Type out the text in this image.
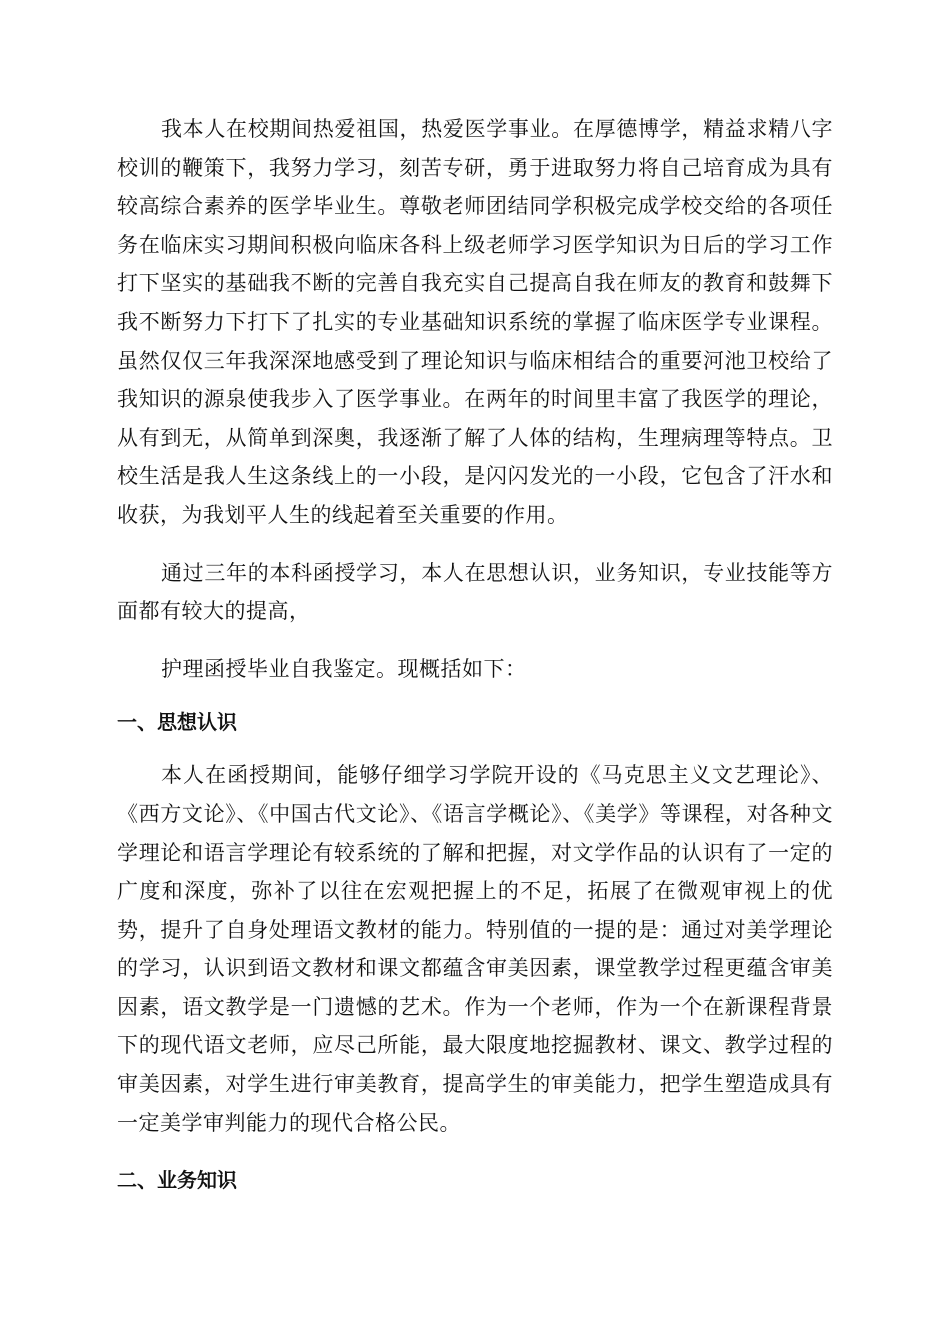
我本人在校期间热爱祖国，热爱医学事业。在厚德博学，精益求精八字校训的鞭策下，我努力学习，刻苦专研，勇于进取努力将自己培育成为具有较高综合素养的医学毕业生。尊敬老师团结同学积极完成学校交给的各项任务在临床实习期间积极向临床各科上级老师学习医学知识为日后的学习工作打下坚实的基础我不断的完善自我充实自己提高自我在师友的教育和鼓舞下我不断努力下打下了扎实的专业基础知识系统的掌握了临床医学专业课程。虽然仅仅三年我深深地感受到了理论知识与临床相结合的重要河池卫校给了我知识的源泉使我步入了医学事业。在两年的时间里丰富了我医学的理论，从有到无，从简单到深奥，我逐渐了解了人体的结构，生理病理等特点。卫校生活是我人生这条线上的一小段，是闪闪发光的一小段，它包含了汗水和收获，为我划平人生的线起着至关重要的作用。

通过三年的本科函授学习，本人在思想认识，业务知识，专业技能等方面都有较大的提高，

护理函授毕业自我鉴定。现概括如下：

一、思想认识

本人在函授期间，能够仔细学习学院开设的《马克思主义文艺理论》、《西方文论》、《中国古代文论》、《语言学概论》、《美学》等课程，对各种文学理论和语言学理论有较系统的了解和把握，对文学作品的认识有了一定的广度和深度，弥补了以往在宏观把握上的不足，拓展了在微观审视上的优势，提升了自身处理语文教材的能力。特别值的一提的是：通过对美学理论的学习，认识到语文教材和课文都蕴含审美因素，课堂教学过程更蕴含审美因素，语文教学是一门遗憾的艺术。作为一个老师，作为一个在新课程背景下的现代语文老师，应尽己所能，最大限度地挖掘教材、课文、教学过程的审美因素，对学生进行审美教育，提高学生的审美能力，把学生塑造成具有一定美学审判能力的现代合格公民。

二、业务知识
